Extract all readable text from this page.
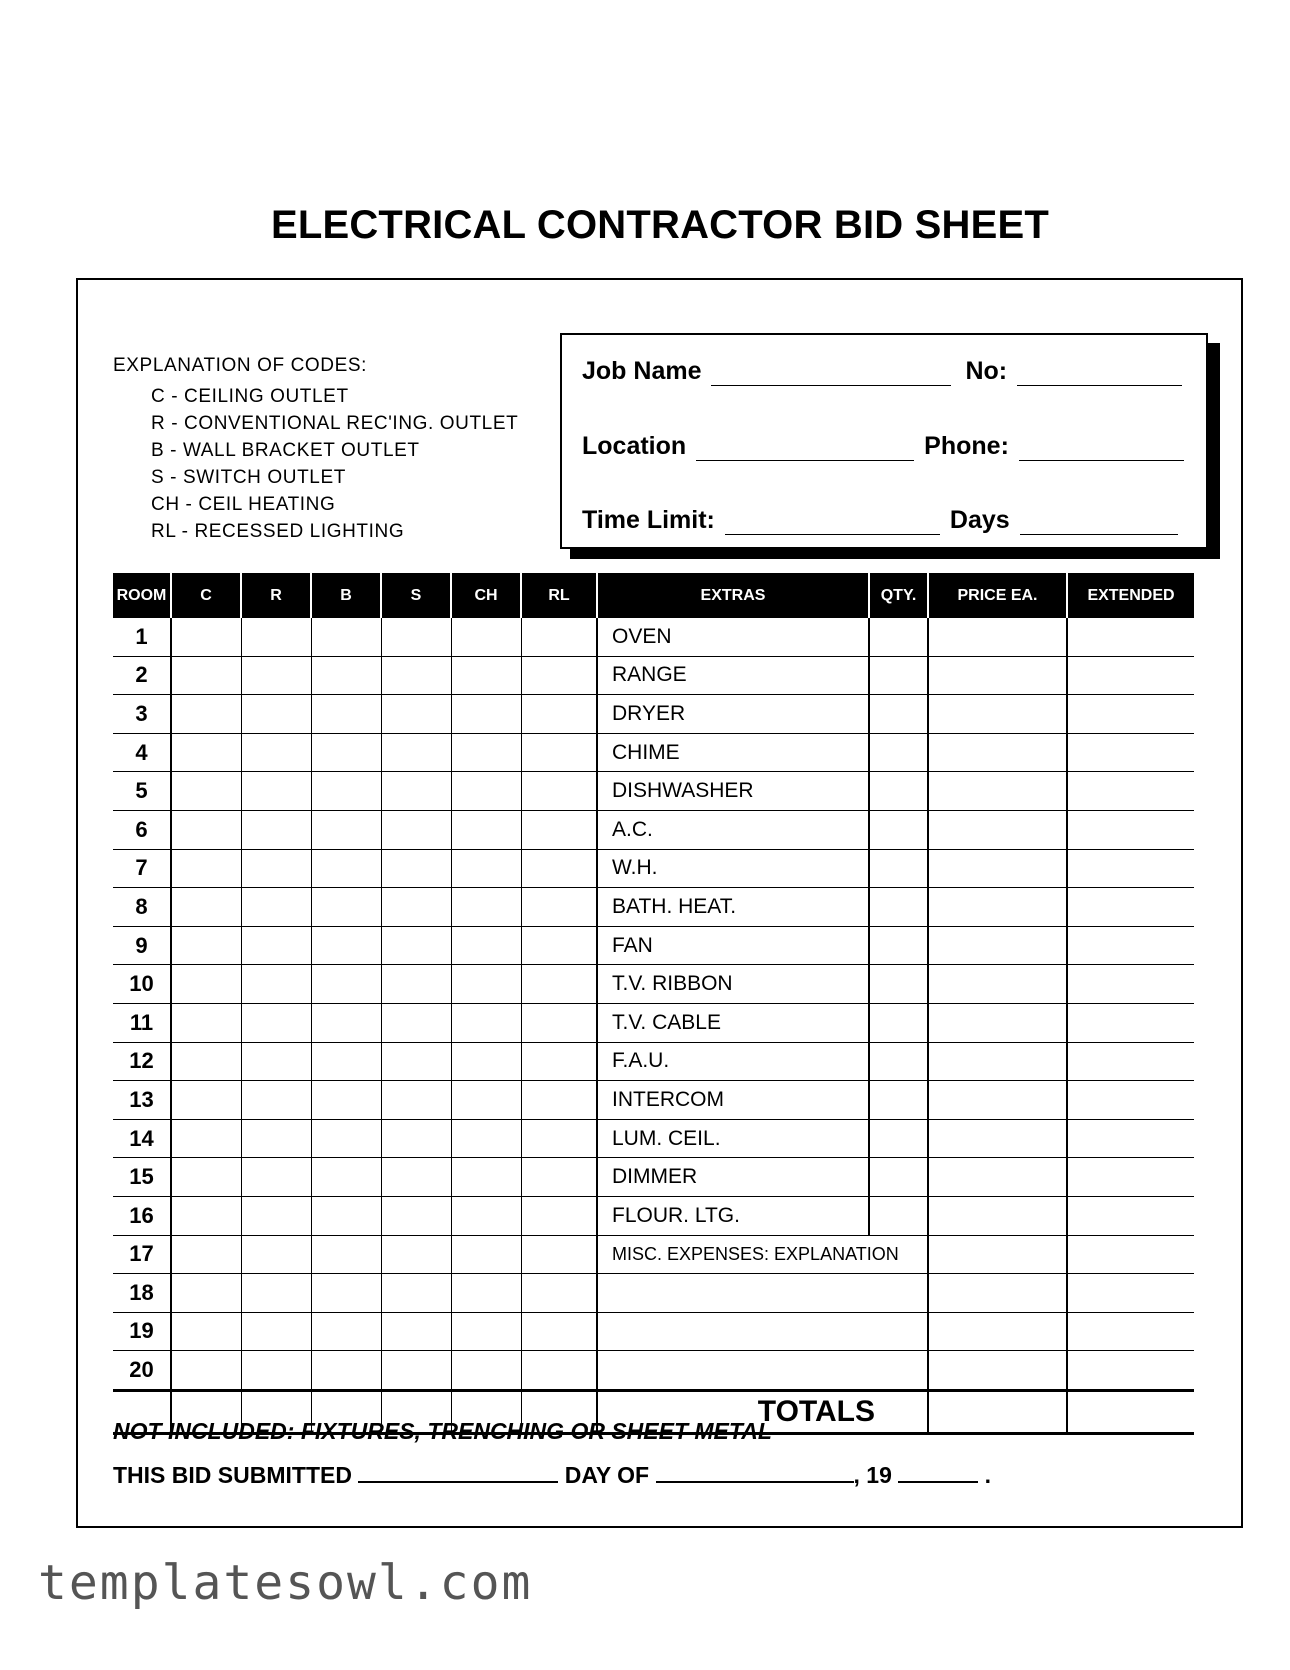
ELECTRICAL CONTRACTOR BID SHEET
EXPLANATION OF CODES:
C - CEILING OUTLET
R - CONVENTIONAL REC'ING. OUTLET
B - WALL BRACKET OUTLET
S - SWITCH OUTLET
CH - CEIL HEATING
RL - RECESSED LIGHTING
Job Name	No:
Location	Phone:
Time Limit:	Days
ROOM	C	R	B	S	CH	RL	EXTRAS	QTY.	PRICE EA.	EXTENDED
1							OVEN			
2							RANGE			
3							DRYER			
4							CHIME			
5							DISHWASHER			
6							A.C.			
7							W.H.			
8							BATH. HEAT.			
9							FAN			
10							T.V. RIBBON			
11							T.V. CABLE			
12							F.A.U.			
13							INTERCOM			
14							LUM. CEIL.			
15							DIMMER			
16							FLOUR. LTG.			
17							MISC. EXPENSES: EXPLANATION			
18										
19										
20										
							TOTALS			
NOT INCLUDED: FIXTURES, TRENCHING OR SHEET METAL
THIS BID SUBMITTED	DAY OF	, 19	.
templatesowl.com
